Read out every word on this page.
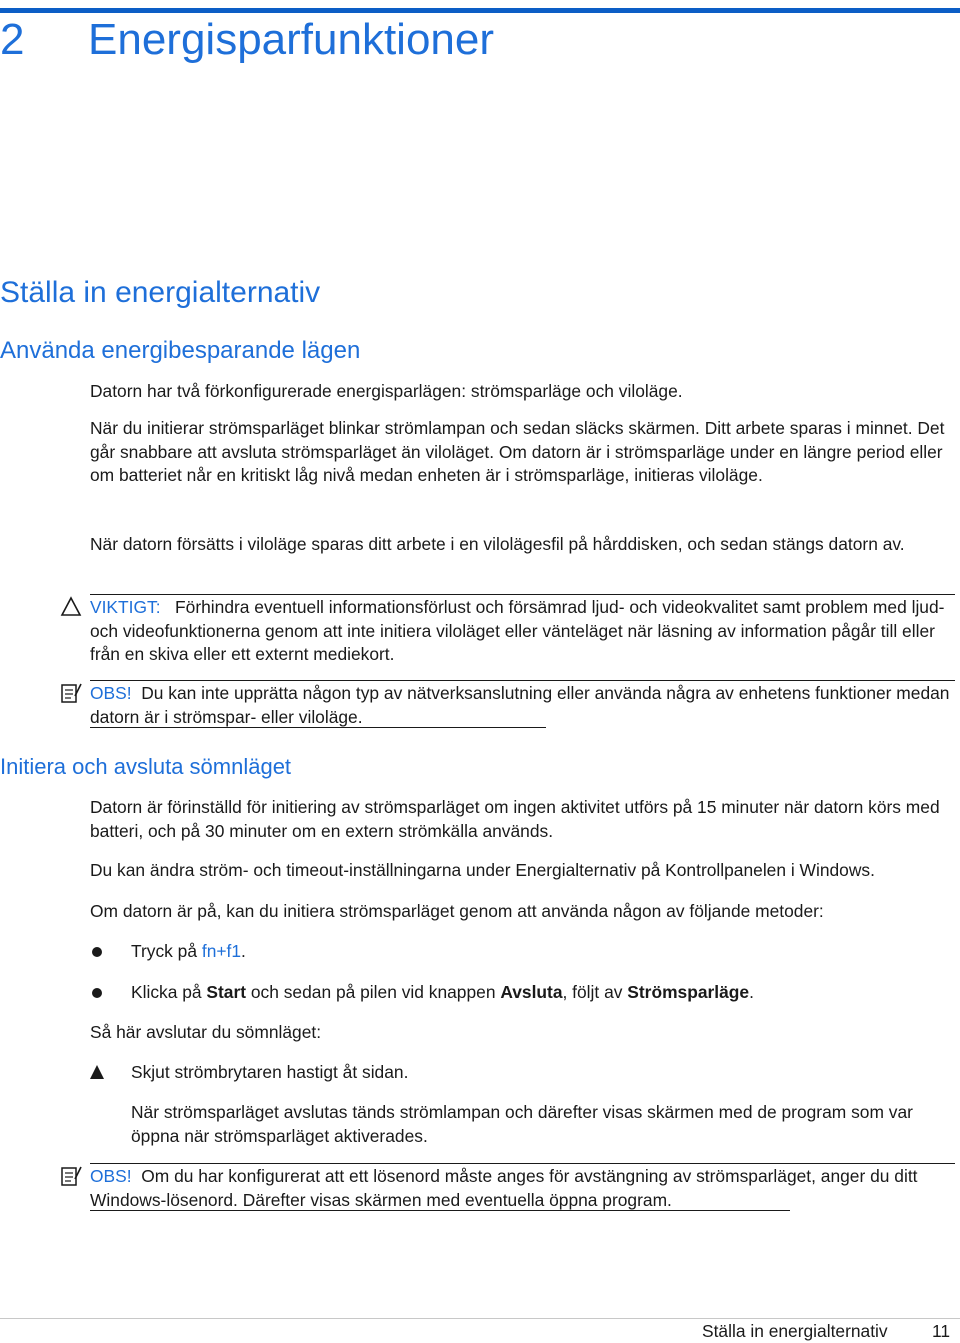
2 Energisparfunktioner
Ställa in energialternativ
Använda energibesparande lägen

Datorn har två förkonfigurerade energisparlägen: strömsparläge och viloläge.

När du initierar strömsparläget blinkar strömlampan och sedan släcks skärmen. Ditt arbete sparas i minnet. Det går snabbare att avsluta strömsparläget än viloläget. Om datorn är i strömsparläge under en längre period eller om batteriet når en kritiskt låg nivå medan enheten är i strömsparläge, initieras viloläge.

När datorn försätts i viloläge sparas ditt arbete i en vilolägesfil på hårddisken, och sedan stängs datorn av.

VIKTIGT: Förhindra eventuell informationsförlust och försämrad ljud- och videokvalitet samt problem med ljud- och videofunktionerna genom att inte initiera viloläget eller vänteläget när läsning av information pågår till eller från en skiva eller ett externt mediekort.

OBS! Du kan inte upprätta någon typ av nätverksanslutning eller använda några av enhetens funktioner medan datorn är i strömspar- eller viloläge.

Initiera och avsluta sömnläget

Datorn är förinställd för initiering av strömsparläget om ingen aktivitet utförs på 15 minuter när datorn körs med batteri, och på 30 minuter om en extern strömkälla används.

Du kan ändra ström- och timeout-inställningarna under Energialternativ på Kontrollpanelen i Windows.

Om datorn är på, kan du initiera strömsparläget genom att använda någon av följande metoder:

Tryck på fn+f1.
Klicka på Start och sedan på pilen vid knappen Avsluta, följt av Strömsparläge.

Så här avslutar du sömnläget:

Skjut strömbrytaren hastigt åt sidan.

När strömsparläget avslutas tänds strömlampan och därefter visas skärmen med de program som var öppna när strömsparläget aktiverades.

OBS! Om du har konfigurerat att ett lösenord måste anges för avstängning av strömsparläget, anger du ditt Windows-lösenord. Därefter visas skärmen med eventuella öppna program.

Ställa in energialternativ	11
